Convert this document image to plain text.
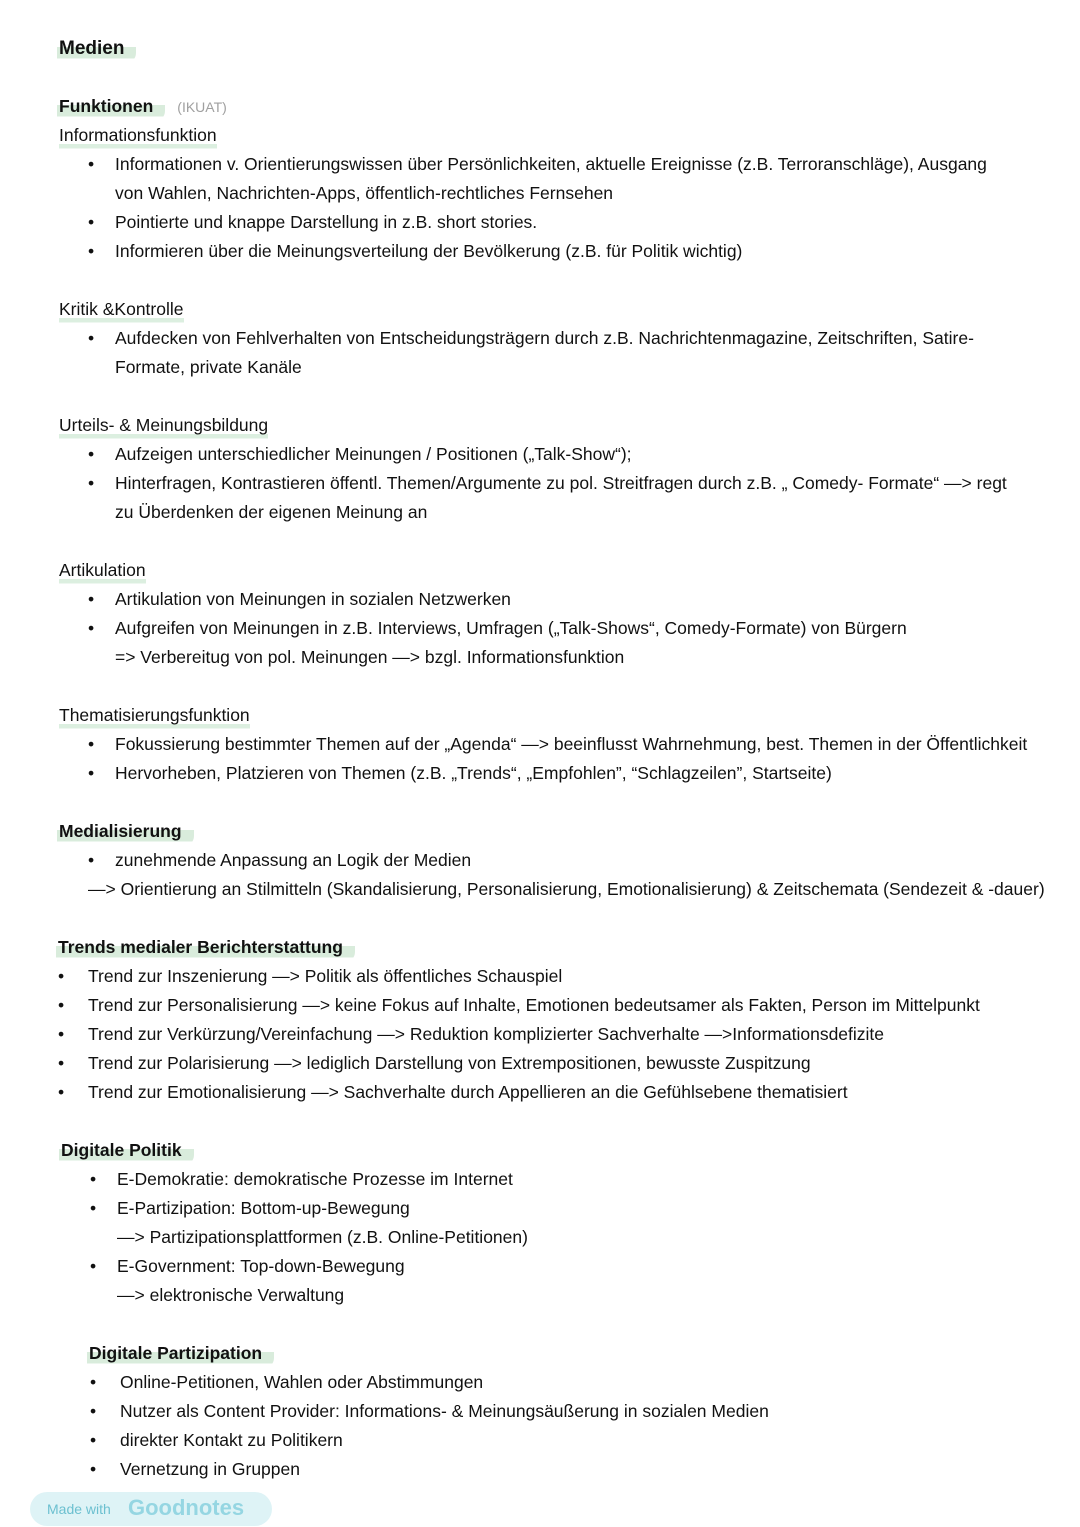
Medien
Funktionen (IKUAT)
Informationsfunktion
• Informationen v. Orientierungswissen über Persönlichkeiten, aktuelle Ereignisse (z.B. Terroranschläge), Ausgang
von Wahlen, Nachrichten-Apps, öffentlich-rechtliches Fernsehen
• Pointierte und knappe Darstellung in z.B. short stories.
• Informieren über die Meinungsverteilung der Bevölkerung (z.B. für Politik wichtig)
Kritik &Kontrolle
• Aufdecken von Fehlverhalten von Entscheidungsträgern durch z.B. Nachrichtenmagazine, Zeitschriften, Satire-
Formate, private Kanäle
Urteils- & Meinungsbildung
• Aufzeigen unterschiedlicher Meinungen / Positionen („Talk-Show“);
• Hinterfragen, Kontrastieren öffentl. Themen/Argumente zu pol. Streitfragen durch z.B. „ Comedy- Formate“ —> regt
zu Überdenken der eigenen Meinung an
Artikulation
• Artikulation von Meinungen in sozialen Netzwerken
• Aufgreifen von Meinungen in z.B. Interviews, Umfragen („Talk-Shows“, Comedy-Formate) von Bürgern
=> Verbereitug von pol. Meinungen —> bzgl. Informationsfunktion
Thematisierungsfunktion
• Fokussierung bestimmter Themen auf der „Agenda“ —> beeinflusst Wahrnehmung, best. Themen in der Öffentlichkeit
• Hervorheben, Platzieren von Themen (z.B. „Trends“, „Empfohlen”, “Schlagzeilen”, Startseite)
Medialisierung
• zunehmende Anpassung an Logik der Medien
—> Orientierung an Stilmitteln (Skandalisierung, Personalisierung, Emotionalisierung) & Zeitschemata (Sendezeit & -dauer)
Trends medialer Berichterstattung
• Trend zur Inszenierung —> Politik als öffentliches Schauspiel
• Trend zur Personalisierung —> keine Fokus auf Inhalte, Emotionen bedeutsamer als Fakten, Person im Mittelpunkt
• Trend zur Verkürzung/Vereinfachung —> Reduktion komplizierter Sachverhalte —>Informationsdefizite
• Trend zur Polarisierung —> lediglich Darstellung von Extrempositionen, bewusste Zuspitzung
• Trend zur Emotionalisierung —> Sachverhalte durch Appellieren an die Gefühlsebene thematisiert
Digitale Politik
• E-Demokratie: demokratische Prozesse im Internet
• E-Partizipation: Bottom-up-Bewegung
—> Partizipationsplattformen (z.B. Online-Petitionen)
• E-Government: Top-down-Bewegung
—> elektronische Verwaltung
Digitale Partizipation
• Online-Petitionen, Wahlen oder Abstimmungen
• Nutzer als Content Provider: Informations- & Meinungsäußerung in sozialen Medien
• direkter Kontakt zu Politikern
• Vernetzung in Gruppen
Made with Goodnotes
